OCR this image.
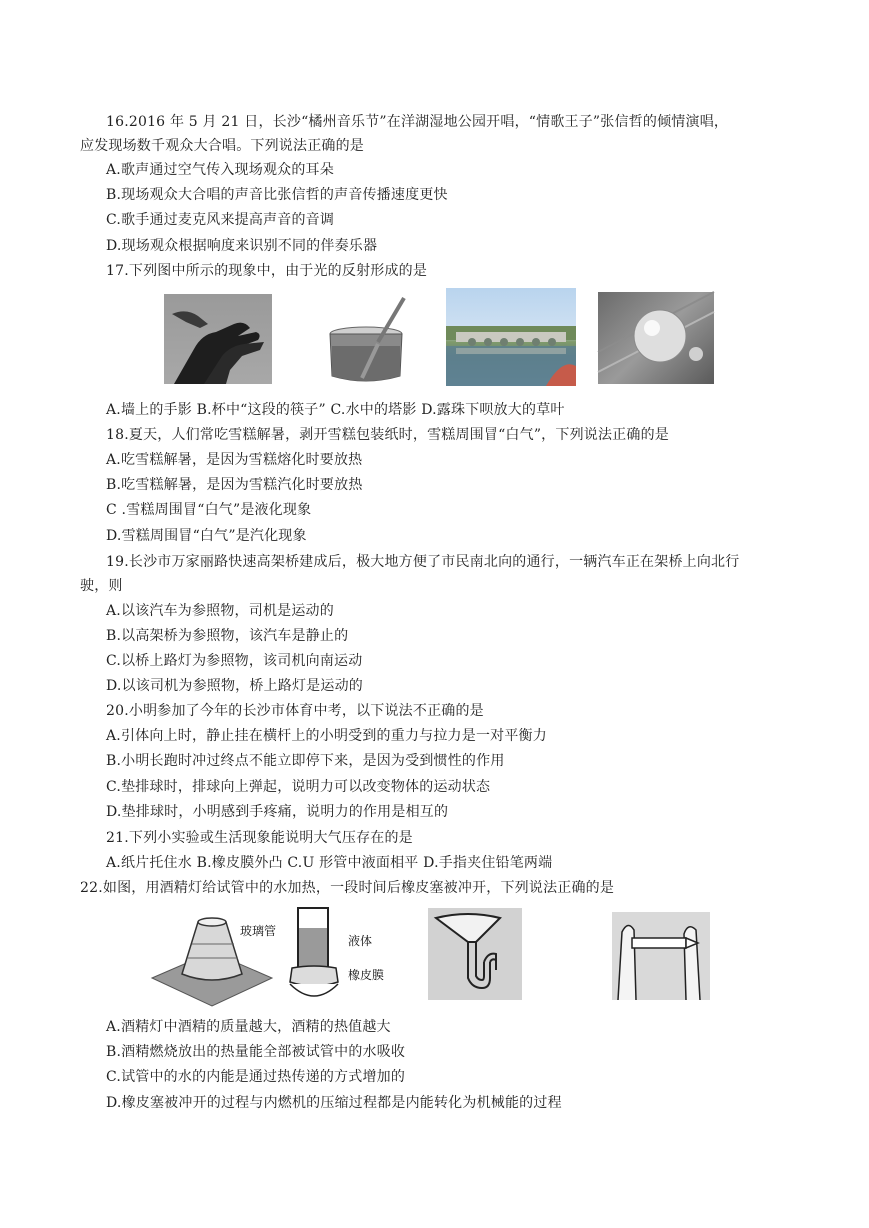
16.2016 年 5 月 21 日，长沙“橘州音乐节”在洋湖湿地公园开唱，“情歌王子”张信哲的倾情演唱，
应发现场数千观众大合唱。下列说法正确的是
A.歌声通过空气传入现场观众的耳朵
B.现场观众大合唱的声音比张信哲的声音传播速度更快
C.歌手通过麦克风来提高声音的音调
D.现场观众根据响度来识别不同的伴奏乐器
17.下列图中所示的现象中，由于光的反射形成的是
A.墙上的手影 B.杯中“这段的筷子” C.水中的塔影 D.露珠下呗放大的草叶
18.夏天，人们常吃雪糕解暑，剥开雪糕包装纸时，雪糕周围冒“白气”，下列说法正确的是
A.吃雪糕解暑，是因为雪糕熔化时要放热
B.吃雪糕解暑，是因为雪糕汽化时要放热
C .雪糕周围冒“白气”是液化现象
D.雪糕周围冒“白气”是汽化现象
19.长沙市万家丽路快速高架桥建成后，极大地方便了市民南北向的通行，一辆汽车正在架桥上向北行
驶，则
A.以该汽车为参照物，司机是运动的
B.以高架桥为参照物，该汽车是静止的
C.以桥上路灯为参照物，该司机向南运动
D.以该司机为参照物，桥上路灯是运动的
20.小明参加了今年的长沙市体育中考，以下说法不正确的是
A.引体向上时，静止挂在横杆上的小明受到的重力与拉力是一对平衡力
B.小明长跑时冲过终点不能立即停下来，是因为受到惯性的作用
C.垫排球时，排球向上弹起，说明力可以改变物体的运动状态
D.垫排球时，小明感到手疼痛，说明力的作用是相互的
21.下列小实验或生活现象能说明大气压存在的是
A.纸片托住水 B.橡皮膜外凸 C.U 形管中液面相平 D.手指夹住铅笔两端
22.如图，用酒精灯给试管中的水加热，一段时间后橡皮塞被冲开，下列说法正确的是
玻璃管
液体
橡皮膜
A.酒精灯中酒精的质量越大，酒精的热值越大
B.酒精燃烧放出的热量能全部被试管中的水吸收
C.试管中的水的内能是通过热传递的方式增加的
D.橡皮塞被冲开的过程与内燃机的压缩过程都是内能转化为机械能的过程
